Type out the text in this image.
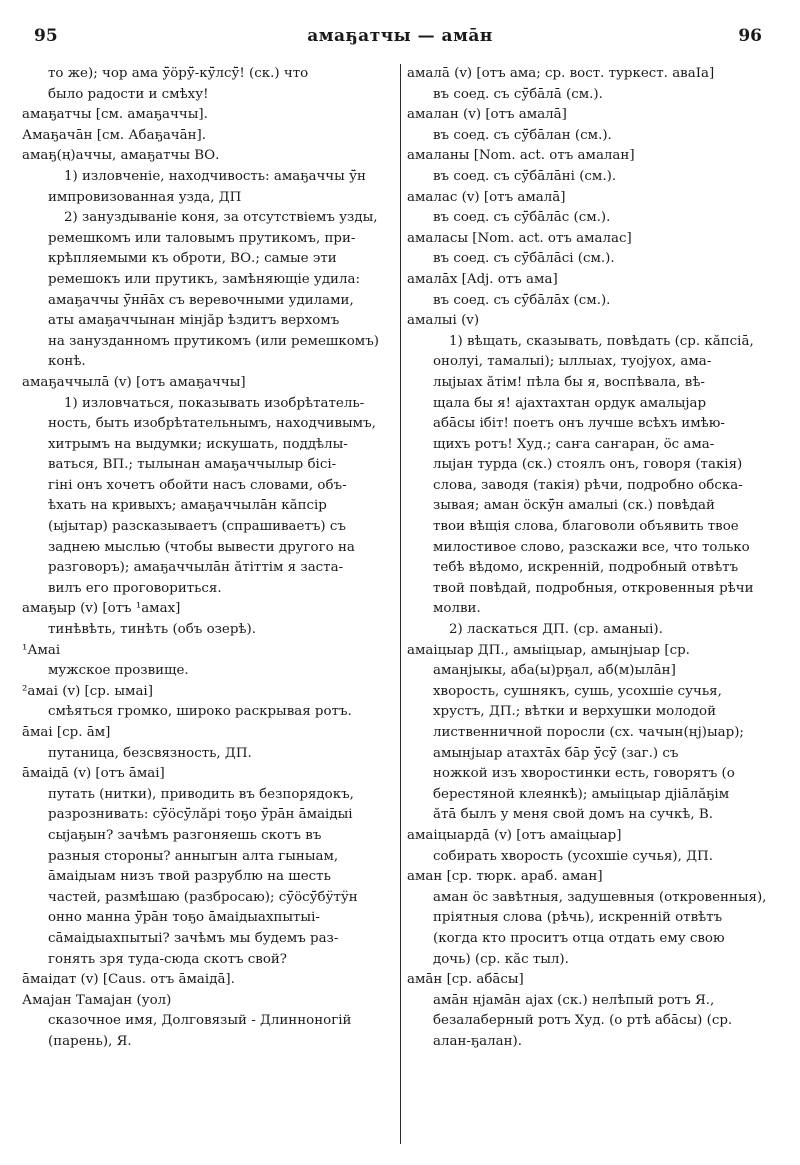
95	амаҕатчы — амāн	96
то же); чор ама ӱ̄öрӱ̄-кӱ̄лсӱ̄! (ск.) что
было радости и смѣху!
амаҕатчы [см. амаҕаччы].
Амаҕачāн [см. Абаҕачāн].
амаҕ(ң)аччы, амаҕатчы ВО.
1) изловченіе, находчивость: амаҕаччы ӱ̄н
импровизованная узда, ДП
2) зануздываніе коня, за отсутствіемъ узды,
ремешкомъ или таловымъ прутикомъ, при-
крѣпляемыми къ оброти, ВО.; самые эти
ремешокъ или прутикъ, замѣняющіе удила:
амаҕаччы ӱ̄нн̄āх съ веревочными удилами,
аты амаҕаччынан мiнјăр ѣздитъ верхомъ
на занузданномъ прутикомъ (или ремешкомъ)
конѣ.
амаҕаччылā (v) [отъ амаҕаччы]
1) изловчаться, показывать изобрѣтатель-
ность, быть изобрѣтательнымъ, находчивымъ,
хитрымъ на выдумки; искушать, поддѣлы-
ваться, ВП.; тылынан амаҕаччылыр бісі-
гіні онъ хочетъ обойти насъ словами, объ-
ѣхать на кривыхъ; амаҕаччылāн кăпсір
(ыјытар) разсказываетъ (спрашиваетъ) съ
заднею мыслью (чтобы вывести другого на
разговоръ); амаҕаччылāн ăтіттім я заста-
вилъ его проговориться.
амаҕыр (v) [отъ ¹амах]
тинѣвѣть, тинѣть (объ озерѣ).
¹Амаі
мужское прозвище.
²амаі (v) [ср. ымаі]
смѣяться громко, широко раскрывая ротъ.
āмаі [ср. āм]
путаница, безсвязность, ДП.
āмаідā (v) [отъ āмаі]
путать (нитки), приводить въ безпорядокъ,
разрознивать: сӱ̄öсӱ̄лăрі тоҕо ӱ̄рāн āмаідыі
сыјаҕын? зачѣмъ разгоняешь скотъ въ
разныя стороны? анныгын алта гыныам,
āмаідыам низъ твой разрублю на шесть
частей, размѣшаю (разбросаю); сӱ̄öсӱ̄бӱтӱн
онно манна ӱ̄рāн тоҕо āмаідыахпытыі-
сāмаідыахпытыі? зачѣмъ мы будемъ раз-
гонять зря туда-сюда скотъ свой?
āмаідат (v) [Caus. отъ āмаідā].
Амајан Тамајан (уол)
сказочное имя, Долговязый - Длинноногій
(парень), Я.
амалā (v) [отъ ама; ср. вост. туркест. aвaIa]
въ соед. съ сӱ̄бāлā (см.).
амалан (v) [отъ амалā]
въ соед. съ сӱ̄бāлан (см.).
амаланы [Nom. act. отъ амалан]
въ соед. съ сӱ̄бāлāні (см.).
амалас (v) [отъ амалā]
въ соед. съ сӱ̄бāлāс (см.).
амаласы [Nom. act. отъ амалас]
въ соед. съ сӱ̄бāлāсі (см.).
амалāх [Adj. отъ ама]
въ соед. съ сӱ̄бāлāх (см.).
амалыі (v)
1) вѣщать, сказывать, повѣдать (ср. кăпсіā,
онолуі, тамалыі); ыллыах, туојуох, ама-
лыјыах ăтім! пѣла бы я, воспѣвала, вѣ-
щала бы я! ајахтахтан ордук амалыјар
абāсы ібіт! поетъ онъ лучше всѣхъ имѣю-
щихъ ротъ! Худ.; саҥа саҥаран, öс ама-
лыјан турда (ск.) стоялъ онъ, говоря (такія)
слова, заводя (такія) рѣчи, подробно обска-
зывая; аман öскӱ̄н амалыі (ск.) повѣдай
твои вѣщія слова, благоволи объявить твое
милостивое слово, разскажи все, что только
тебѣ вѣдомо, искренній, подробный отвѣтъ
твой повѣдай, подробныя, откровенныя рѣчи
молви.
2) ласкаться ДП. (ср. аманыі).
амаіцыар ДП., амыіцыар, амынјыар [ср.
аманјыкы, аба(ы)рҕал, аб(м)ылāн]
хворость, сушнякъ, сушь, усохшіе сучья,
хрустъ, ДП.; вѣтки и верхушки молодой
лиственничной поросли (сх. чачын(нј)ыар);
амынјыар атахтāх бāр ӱ̄сӱ̄ (заг.) съ
ножкой изъ хворостинки есть, говорятъ (о
берестяной клеянкѣ); амыіцыар дјіāлăҕім
ăтā былъ у меня свой домъ на сучкѣ, В.
амаіцыардā (v) [отъ амаіцыар]
собирать хворость (усохшіе сучья), ДП.
аман [ср. тюрк. араб. аман]
аман öс завѣтныя, задушевныя (откровенныя),
пріятныя слова (рѣчь), искренній отвѣтъ
(когда кто проситъ отца отдать ему свою
дочь) (ср. кăс тыл).
амāн [ср. абāсы]
амāн нјамāн ајах (ск.) нелѣпый ротъ Я.,
безалаберный ротъ Худ. (о ртѣ абāсы) (ср.
алан-ҕалан).
